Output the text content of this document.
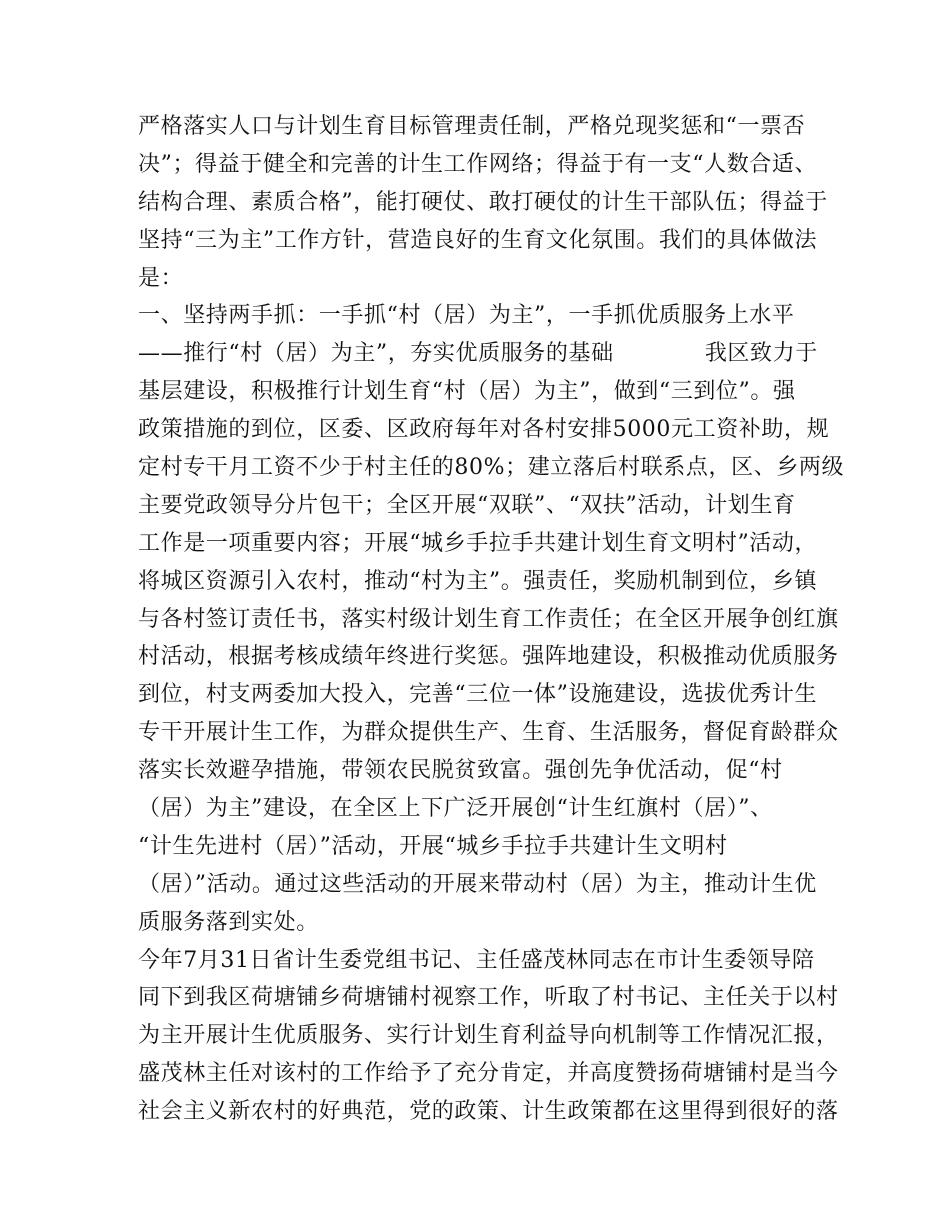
严格落实人口与计划生育目标管理责任制，严格兑现奖惩和“一票否
决”；得益于健全和完善的计生工作网络；得益于有一支“人数合适、
结构合理、素质合格”，能打硬仗、敢打硬仗的计生干部队伍；得益于
坚持“三为主”工作方针，营造良好的生育文化氛围。我们的具体做法
是：
一、坚持两手抓：一手抓“村（居）为主”，一手抓优质服务上水平
——推行“村（居）为主”，夯实优质服务的基础            我区致力于
基层建设，积极推行计划生育“村（居）为主”，做到“三到位”。强
政策措施的到位，区委、区政府每年对各村安排5000元工资补助，规
定村专干月工资不少于村主任的80%；建立落后村联系点，区、乡两级
主要党政领导分片包干；全区开展“双联”、“双扶”活动，计划生育
工作是一项重要内容；开展“城乡手拉手共建计划生育文明村”活动，
将城区资源引入农村，推动“村为主”。强责任，奖励机制到位，乡镇
与各村签订责任书，落实村级计划生育工作责任；在全区开展争创红旗
村活动，根据考核成绩年终进行奖惩。强阵地建设，积极推动优质服务
到位，村支两委加大投入，完善“三位一体”设施建设，选拔优秀计生
专干开展计生工作，为群众提供生产、生育、生活服务，督促育龄群众
落实长效避孕措施，带领农民脱贫致富。强创先争优活动，促“村
（居）为主”建设，在全区上下广泛开展创“计生红旗村（居）”、
“计生先进村（居）”活动，开展“城乡手拉手共建计生文明村
（居）”活动。通过这些活动的开展来带动村（居）为主，推动计生优
质服务落到实处。
今年7月31日省计生委党组书记、主任盛茂林同志在市计生委领导陪
同下到我区荷塘铺乡荷塘铺村视察工作，听取了村书记、主任关于以村
为主开展计生优质服务、实行计划生育利益导向机制等工作情况汇报，
盛茂林主任对该村的工作给予了充分肯定，并高度赞扬荷塘铺村是当今
社会主义新农村的好典范，党的政策、计生政策都在这里得到很好的落
